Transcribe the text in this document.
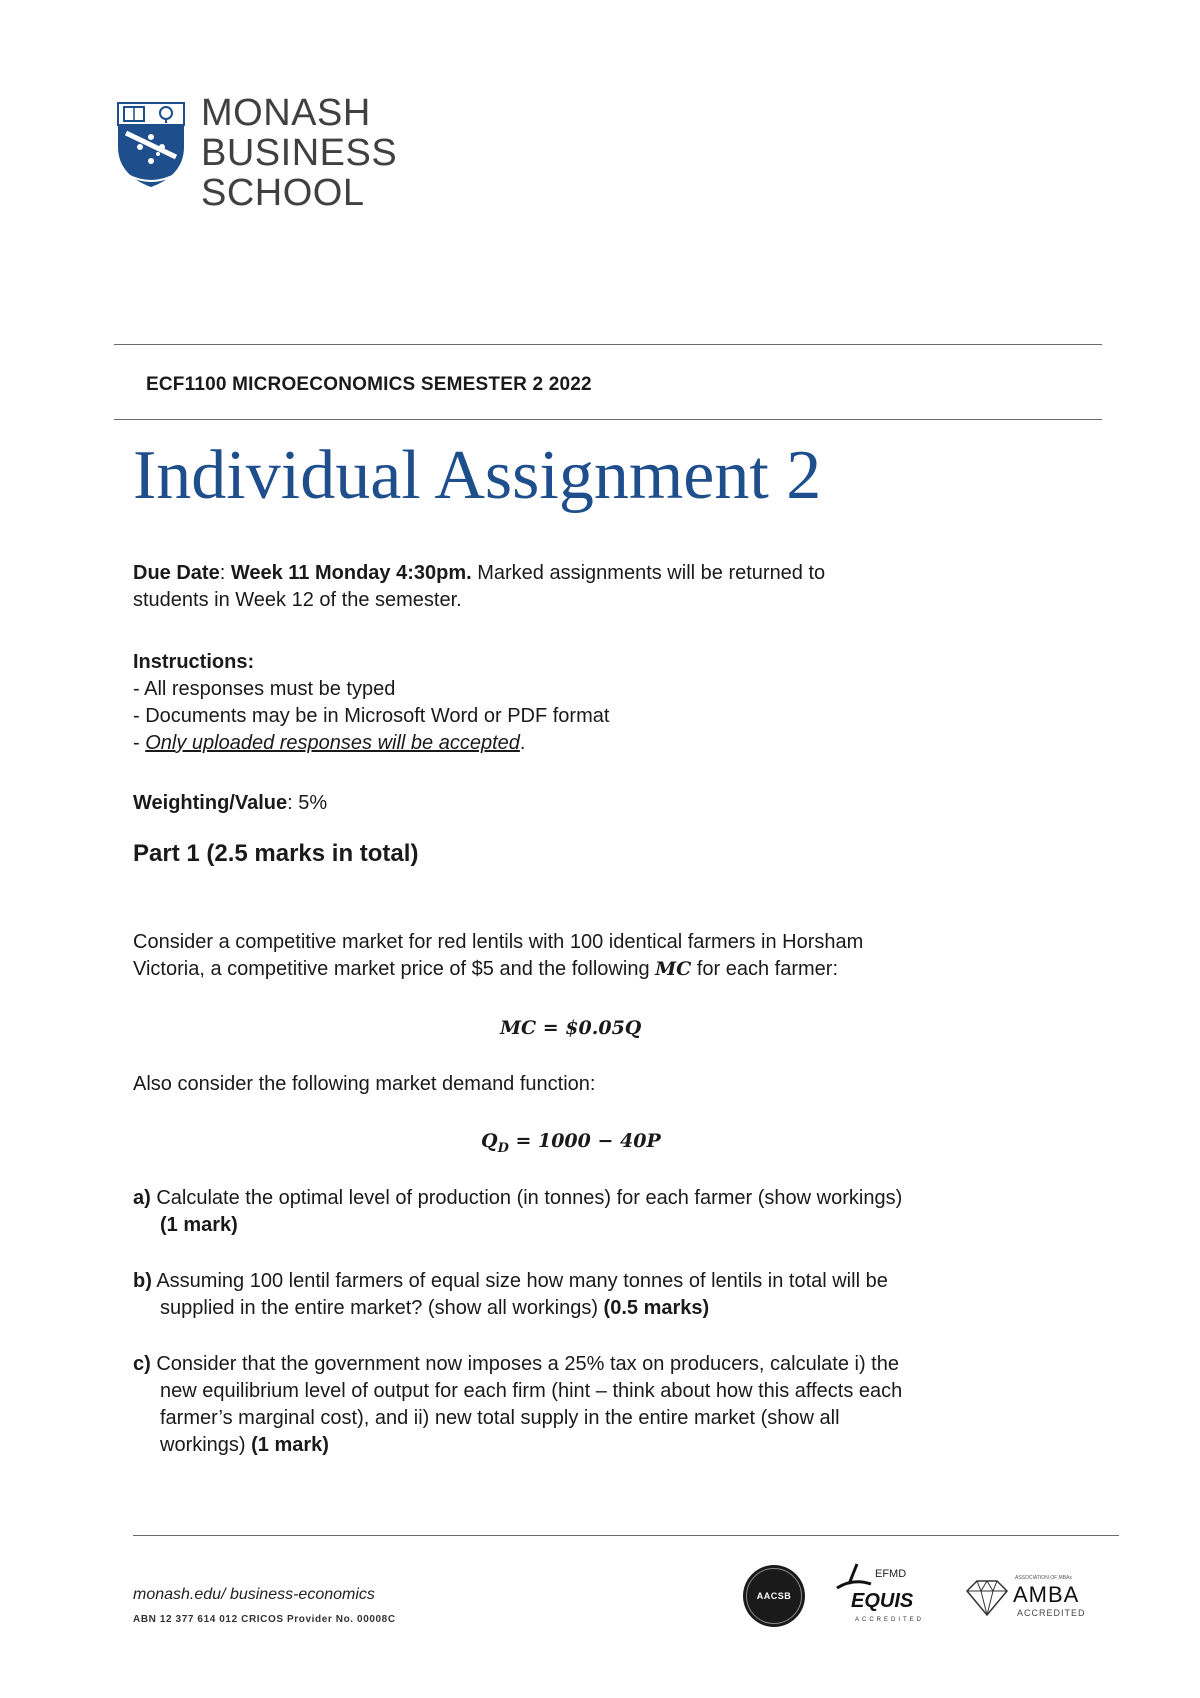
MONASH
BUSINESS
SCHOOL
ECF1100 MICROECONOMICS SEMESTER 2 2022
Individual Assignment 2
Due Date: Week 11 Monday 4:30pm. Marked assignments will be returned to
students in Week 12 of the semester.
Instructions:
- All responses must be typed
- Documents may be in Microsoft Word or PDF format
- Only uploaded responses will be accepted.
Weighting/Value: 5%
Part 1 (2.5 marks in total)
Consider a competitive market for red lentils with 100 identical farmers in Horsham
Victoria, a competitive market price of $5 and the following MC for each farmer:
MC = $0.05Q
Also consider the following market demand function:
$Q_D = 1000 - 40P$
a) Calculate the optimal level of production (in tonnes) for each farmer (show workings)
(1 mark)
b) Assuming 100 lentil farmers of equal size how many tonnes of lentils in total will be
supplied in the entire market? (show all workings) (0.5 marks)
c) Consider that the government now imposes a 25% tax on producers, calculate i) the
new equilibrium level of output for each firm (hint – think about how this affects each
farmer’s marginal cost), and ii) new total supply in the entire market (show all
workings) (1 mark)
monash.edu/ business-economics
ABN 12 377 614 012 CRICOS Provider No. 00008C
AACSB
EFMD
EQUIS
ACCREDITED
ASSOCIATION OF MBAs
AMBA
ACCREDITED
